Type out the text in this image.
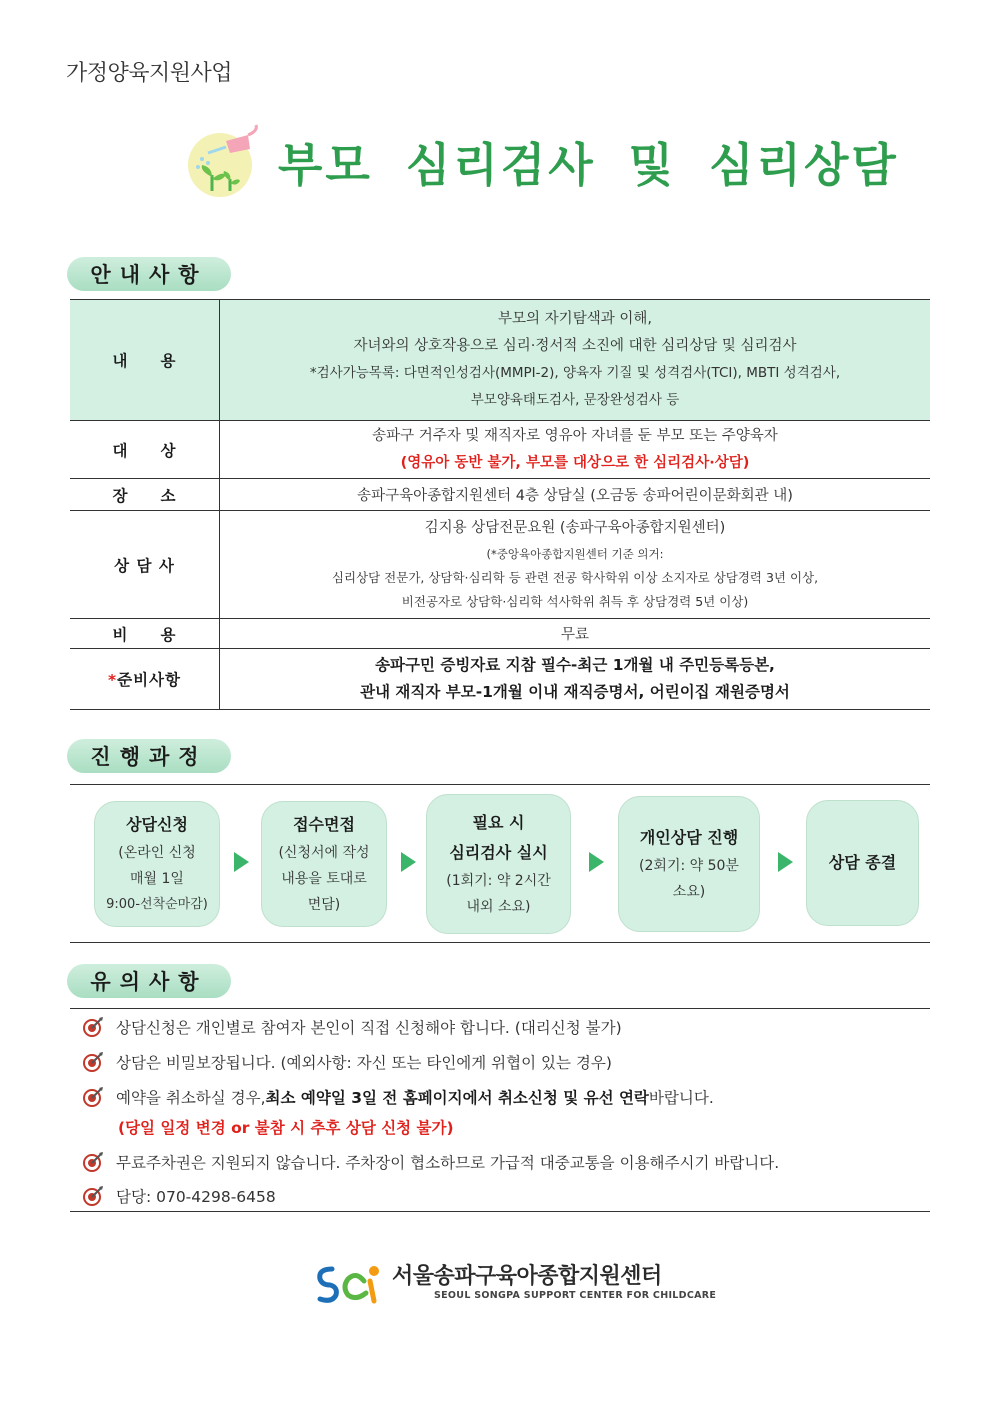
가정양육지원사업
부모 심리검사 및 심리상담
안내사항
내     용	부모의 자기탐색과 이해,
자녀와의 상호작용으로 심리·정서적 소진에 대한 심리상담 및 심리검사
*검사가능목록: 다면적인성검사(MMPI-2), 양육자 기질 및 성격검사(TCI), MBTI 성격검사,
부모양육태도검사, 문장완성검사 등

대     상	송파구 거주자 및 재직자로 영유아 자녀를 둔 부모 또는 주양육자
(영유아 동반 불가, 부모를 대상으로 한 심리검사·상담)

장     소	송파구육아종합지원센터 4층 상담실 (오금동 송파어린이문화회관 내)
상 담 사	김지용 상담전문요원 (송파구육아종합지원센터)
(*중앙육아종합지원센터 기준 의거:
심리상담 전문가, 상담학·심리학 등 관련 전공 학사학위 이상 소지자로 상담경력 3년 이상,
비전공자로 상담학·심리학 석사학위 취득 후 상담경력 5년 이상)

비     용	무료
*준비사항	송파구민 증빙자료 지참 필수-최근 1개월 내 주민등록등본,
관내 재직자 부모-1개월 이내 재직증명서, 어린이집 재원증명서
진행과정
상담신청
(온라인 신청
매월 1일
9:00-선착순마감)
접수면접
(신청서에 작성
내용을 토대로
면담)
필요 시
심리검사 실시
(1회기: 약 2시간
내외 소요)
개인상담 진행
(2회기: 약 50분
소요)
상담 종결
유의사항
상담신청은 개인별로 참여자 본인이 직접 신청해야 합니다. (대리신청 불가)
상담은 비밀보장됩니다. (예외사항: 자신 또는 타인에게 위협이 있는 경우)
예약을 취소하실 경우, 최소 예약일 3일 전 홈페이지에서 취소신청 및 유선 연락 바랍니다.
(당일 일정 변경 or 불참 시 추후 상담 신청 불가)
무료주차권은 지원되지 않습니다. 주차장이 협소하므로 가급적 대중교통을 이용해주시기 바랍니다.
담당: 070-4298-6458
서울송파구육아종합지원센터
SEOUL SONGPA SUPPORT CENTER FOR CHILDCARE
